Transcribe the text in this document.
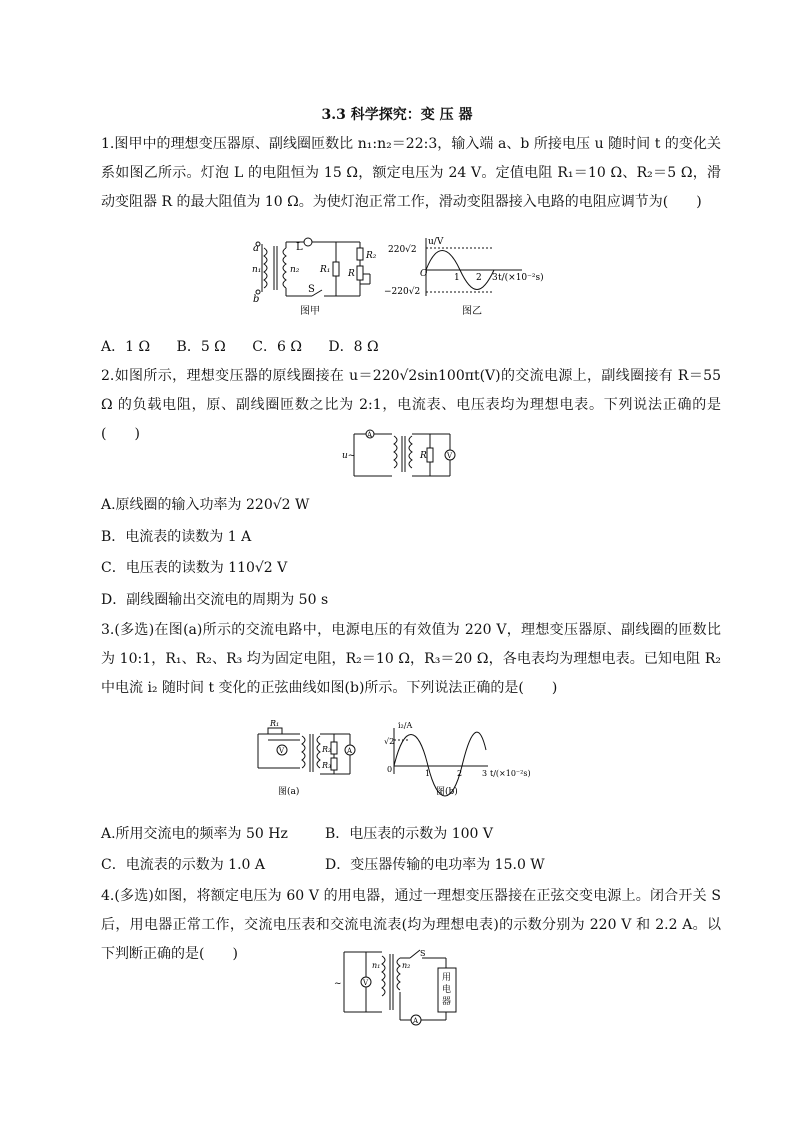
3.3 科学探究：变 压 器

1.图甲中的理想变压器原、副线圈匝数比 n₁:n₂＝22:3，输入端 a、b 所接电压 u 随时间 t 的变化关系如图乙所示。灯泡 L 的电阻恒为 15 Ω，额定电压为 24 V。定值电阻 R₁＝10 Ω、R₂＝5 Ω，滑动变阻器 R 的最大阻值为 10 Ω。为使灯泡正常工作，滑动变阻器接入电路的电阻应调节为(　　)

a
b
n₁	n₂
L
S
R₁
R₂
R
图甲
220√2
−220√2
O
u/V
1 2 3 t/(×10⁻²s)
图乙
A．1 Ω B．5 Ω C．6 Ω D．8 Ω

2.如图所示，理想变压器的原线圈接在 u＝220√2sin100πt(V)的交流电源上，副线圈接有 R＝55 Ω 的负载电阻，原、副线圈匝数之比为 2:1，电流表、电压表均为理想电表。下列说法正确的是(　　)	A
V
R
u~
A.原线圈的输入功率为 220√2 W
B．电流表的读数为 1 A
C．电压表的读数为 110√2 V
D．副线圈输出交流电的周期为 50 s

3.(多选)在图(a)所示的交流电路中，电源电压的有效值为 220 V，理想变压器原、副线圈的匝数比为 10:1，R₁、R₂、R₃ 均为固定电阻，R₂＝10 Ω，R₃＝20 Ω，各电表均为理想电表。已知电阻 R₂ 中电流 i₂ 随时间 t 变化的正弦曲线如图(b)所示。下列说法正确的是(　　)

V	A
R₁
R₂
R₃
图(a)
√2
0
i₂/A
1	2 3 t/(×10⁻²s)
图(b)
A.所用交流电的频率为 50 Hz	B．电压表的示数为 100 V
C．电流表的示数为 1.0 A	D．变压器传输的电功率为 15.0 W

4.(多选)如图，将额定电压为 60 V 的用电器，通过一理想变压器接在正弦交变电源上。闭合开关 S 后，用电器正常工作，交流电压表和交流电流表(均为理想电表)的示数分别为 220 V 和 2.2 A。以下判断正确的是(　　)

~	V
A
n₁	n₂
S
用
电
器
